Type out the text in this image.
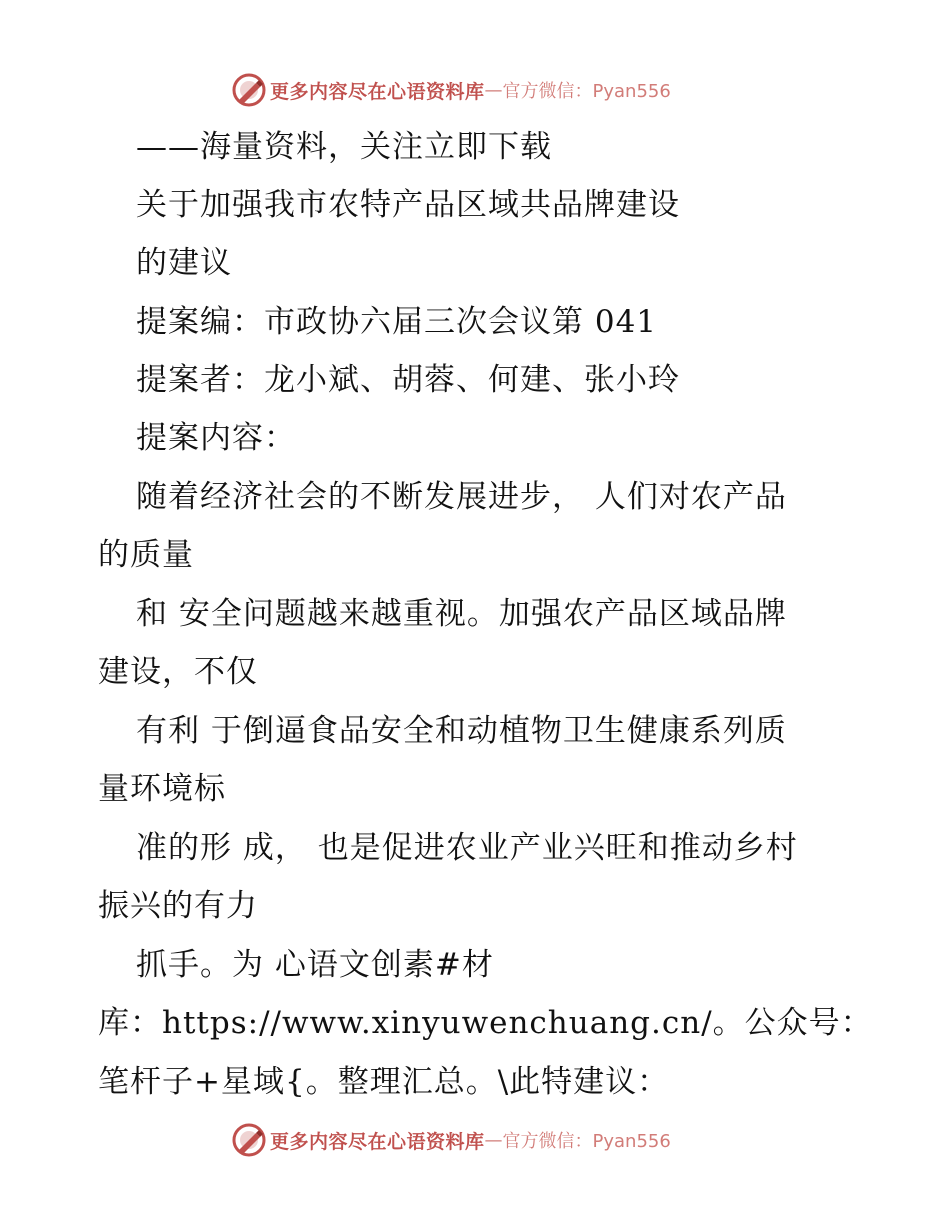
更多内容尽在心语资料库 — 官方微信：Pyan556
——海量资料，关注立即下载
关于加强我市农特产品区域共品牌建设
的建议
提案编：市政协六届三次会议第 041
提案者：龙小斌、胡蓉、何建、张小玲
提案内容：
随着经济社会的不断发展进步， 人们对农产品
的质量
和 安全问题越来越重视。加强农产品区域品牌
建设，不仅
有利 于倒逼食品安全和动植物卫生健康系列质
量环境标
准的形 成， 也是促进农业产业兴旺和推动乡村
振兴的有力
抓手。为 心语文创素#材
库：https://www.xinyuwenchuang.cn/。公众号：
笔杆子+星域{。整理汇总。\此特建议：
更多内容尽在心语资料库 — 官方微信：Pyan556
